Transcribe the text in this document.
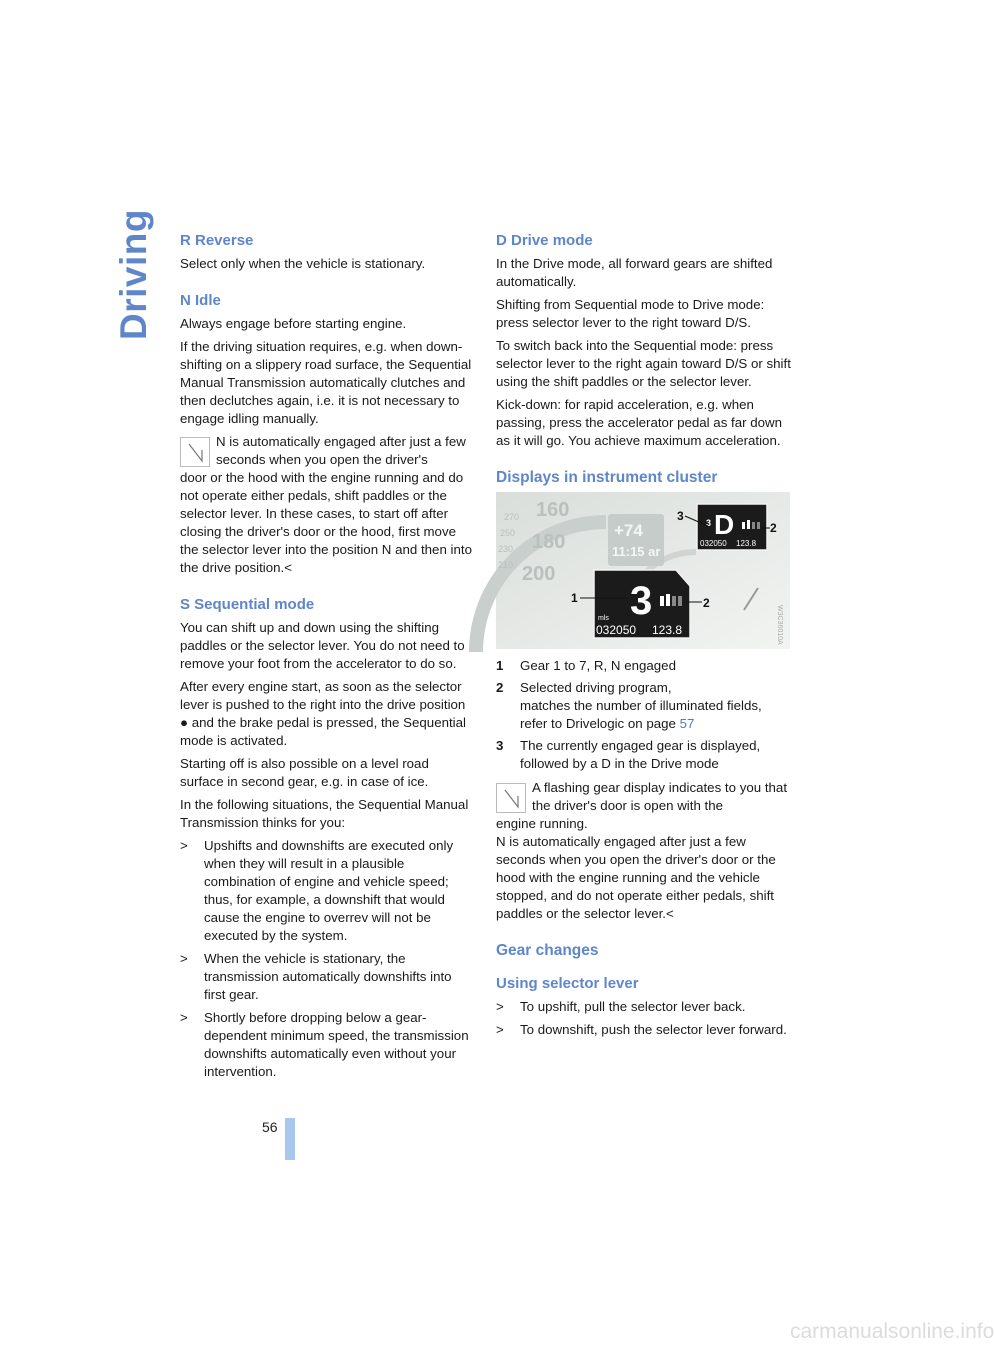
Driving R Reverse

Select only when the vehicle is stationary.

N Idle

Always engage before starting engine.

If the driving situation requires, e.g. when down-shifting on a slippery road surface, the Sequential Manual Transmission automatically clutches and then declutches again, i.e. it is not necessary to engage idling manually.

N is automatically engaged after just a few seconds when you open the driver's
door or the hood with the engine running and do not operate either pedals, shift paddles or the selector lever. In these cases, to start off after closing the driver's door or the hood, first move the selector lever into the position N and then into the drive position.<

S Sequential mode

You can shift up and down using the shifting paddles or the selector lever. You do not need to remove your foot from the accelerator to do so.

After every engine start, as soon as the selector lever is pushed to the right into the drive position ● and the brake pedal is pressed, the Sequential mode is activated.

Starting off is also possible on a level road surface in second gear, e.g. in case of ice.

In the following situations, the Sequential Manual Transmission thinks for you:

>	Upshifts and downshifts are executed only when they will result in a plausible combination of engine and vehicle speed; thus, for example, a downshift that would cause the engine to overrev will not be executed by the system.
>	When the vehicle is stationary, the transmission automatically downshifts into first gear.
>	Shortly before dropping below a gear-dependent minimum speed, the transmission downshifts automatically even without your intervention.
D Drive mode

In the Drive mode, all forward gears are shifted automatically.

Shifting from Sequential mode to Drive mode: press selector lever to the right toward D/S.

To switch back into the Sequential mode: press selector lever to the right again toward D/S or shift using the shift paddles or the selector lever.

Kick-down: for rapid acceleration, e.g. when passing, press the accelerator pedal as far down as it will go. You achieve maximum acceleration.

Displays in instrument cluster
160
180
200
270
250
230
210
+74
11:15 ar
3 D
032050 123.8
3
2
3
mls
032050 123.8
1	2
W3C36010A
1	Gear 1 to 7, R, N engaged
2	Selected driving program,
matches the number of illuminated fields, refer to Drivelogic on page 57
3	The currently engaged gear is displayed, followed by a D in the Drive mode

A flashing gear display indicates to you that the driver's door is open with the
engine running.

N is automatically engaged after just a few seconds when you open the driver's door or the hood with the engine running and the vehicle stopped, and do not operate either pedals, shift paddles or the selector lever.<

Gear changes
Using selector lever
>	To upshift, pull the selector lever back.
>	To downshift, push the selector lever forward.
56
carmanualsonline.info
